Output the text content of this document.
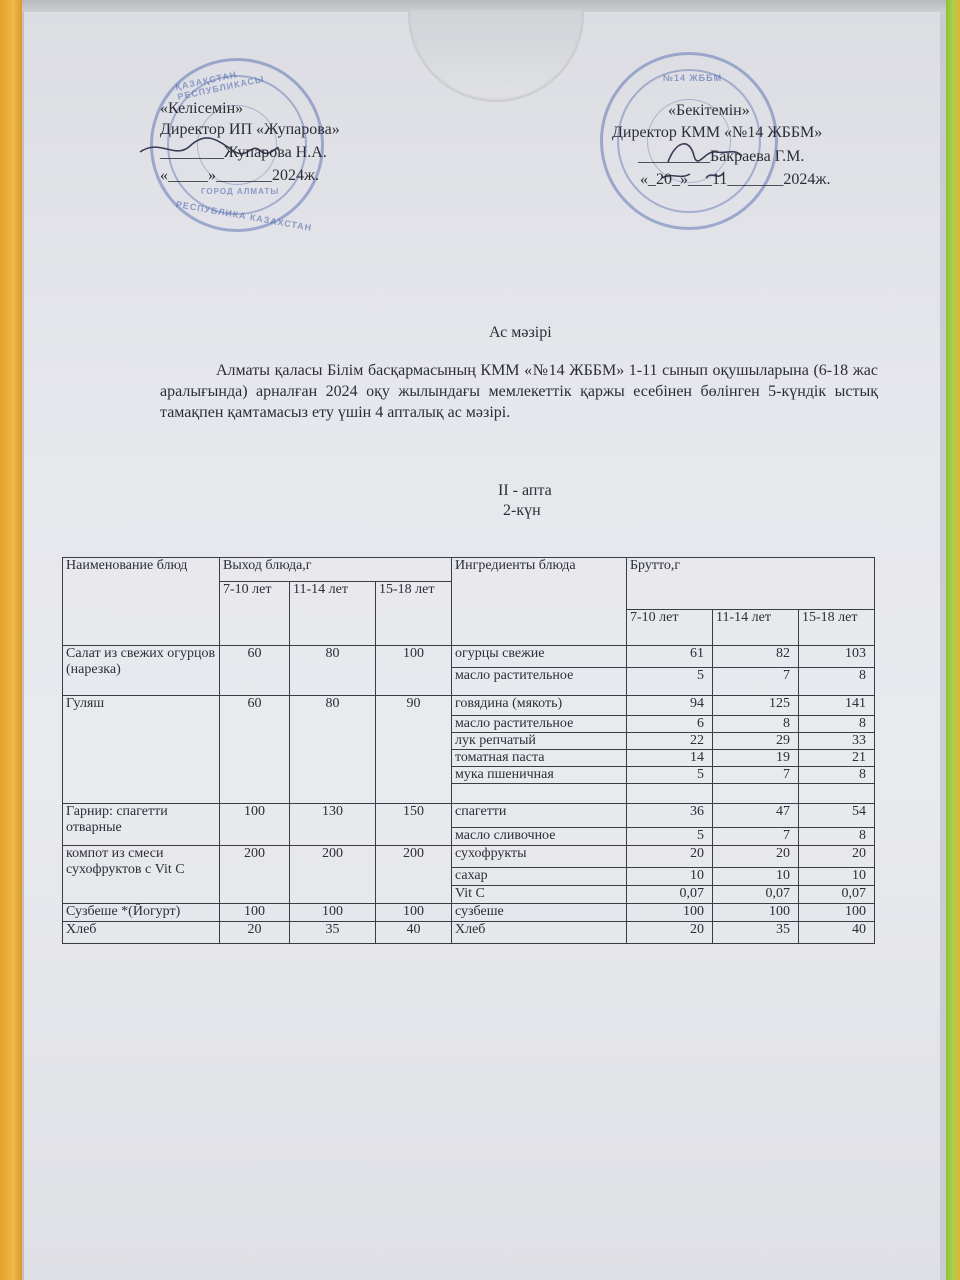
ҚАЗАҚСТАН РЕСПУБЛИКАСЫ
ГОРОД АЛМАТЫ
РЕСПУБЛИКА КАЗАХСТАН
№14 ЖББМ
«Келісемін»
Директор ИП «Жупарова»
________Жупарова Н.А.
«_____»_______2024ж.
«Бекітемін»
Директор КММ «№14 ЖББМ»
_________Бакраева Г.М.
«_20_»___11_______2024ж.
Ас мәзірі
Алматы қаласы Білім басқармасының КММ «№14 ЖББМ» 1-11 сынып оқушыларына (6-18 жас аралығында) арналған 2024 оқу жылындағы мемлекеттік қаржы есебінен бөлінген 5-күндік ыстық тамақпен қамтамасыз ету үшін 4 апталық ас мәзірі.
II - апта
2-күн
Наименование блюд	Выход блюда,г			Ингредиенты блюда	Брутто,г		
	7-10 лет	11-14 лет	15-18 лет				
					7-10 лет	11-14 лет	15-18 лет
Салат из свежих огурцов (нарезка)	60	80	100	огурцы свежие	61	82	103
				масло растительное	5	7	8
Гуляш	60	80	90	говядина (мякоть)	94	125	141
				масло растительное	6	8	8
				лук репчатый	22	29	33
				томатная паста	14	19	21
				мука пшеничная	5	7	8

Гарнир: спагетти отварные	100	130	150	спагетти	36	47	54
				масло сливочное	5	7	8
компот из смеси сухофруктов с Vit C	200	200	200	сухофрукты	20	20	20
				сахар	10	10	10
				Vit C	0,07	0,07	0,07
Сузбеше *(Йогурт)	100	100	100	сузбеше	100	100	100
Хлеб	20	35	40	Хлеб	20	35	40
